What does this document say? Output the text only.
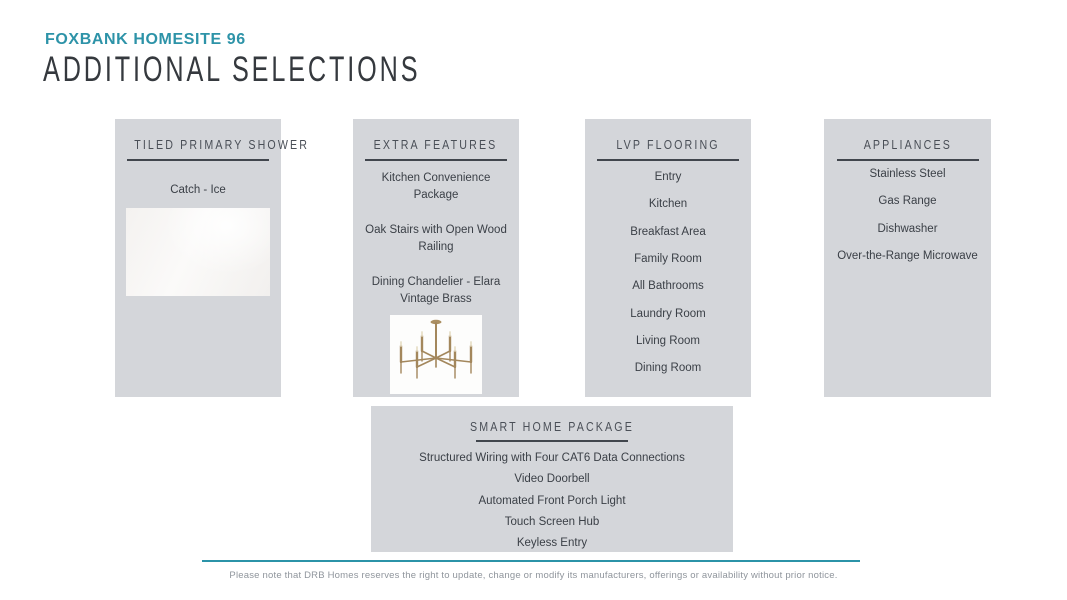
FOXBANK HOMESITE 96
ADDITIONAL SELECTIONS
TILED PRIMARY SHOWER
Catch - Ice
EXTRA FEATURES
Kitchen Convenience Package
Oak Stairs with Open Wood Railing
Dining Chandelier - Elara Vintage Brass
LVP FLOORING
Entry
Kitchen
Breakfast Area
Family Room
All Bathrooms
Laundry Room
Living Room
Dining Room
APPLIANCES
Stainless Steel
Gas Range
Dishwasher
Over-the-Range Microwave
SMART HOME PACKAGE
Structured Wiring with Four CAT6 Data Connections
Video Doorbell
Automated Front Porch Light
Touch Screen Hub
Keyless Entry
Please note that DRB Homes reserves the right to update, change or modify its manufacturers, offerings or availability without prior notice.
